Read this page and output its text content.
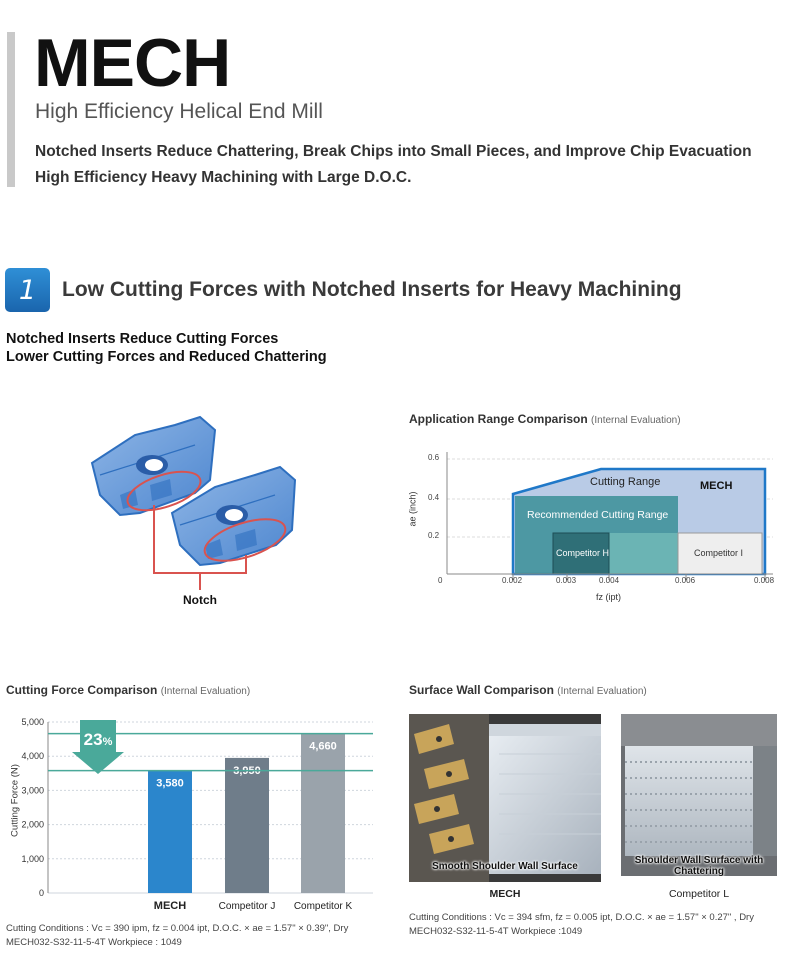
MECH
High Efficiency Helical End Mill
Notched Inserts Reduce Chattering, Break Chips into Small Pieces, and Improve Chip Evacuation
High Efficiency Heavy Machining with Large D.O.C.
1	Low Cutting Forces with Notched Inserts for Heavy Machining
Notched Inserts Reduce Cutting Forces
Lower Cutting Forces and Reduced Chattering
Notch
Application Range Comparison (Internal Evaluation)
Cutting Range	MECH
Recommended Cutting Range
Competitor H	Competitor I
0.6
0.4
0.2
0	0.002	0.003	0.004	0.006	0.008
fz (ipt)
ae (inch)
Cutting Force Comparison (Internal Evaluation)
0
1,000
2,000
3,000
4,000
5,000
3,580
MECH
3,950
Competitor J
4,660
Competitor K
Cutting Force (N)
23%
Cutting Conditions : Vc = 390 ipm, fz = 0.004 ipt, D.O.C. × ae = 1.57" × 0.39", Dry
MECH032-S32-11-5-4T Workpiece : 1049
Surface Wall Comparison (Internal Evaluation)
Smooth Shoulder Wall Surface
MECH
Shoulder Wall Surface with
Chattering
Competitor L
Cutting Conditions : Vc = 394 sfm, fz = 0.005 ipt, D.O.C. × ae = 1.57" × 0.27" , Dry
MECH032-S32-11-5-4T Workpiece :1049
